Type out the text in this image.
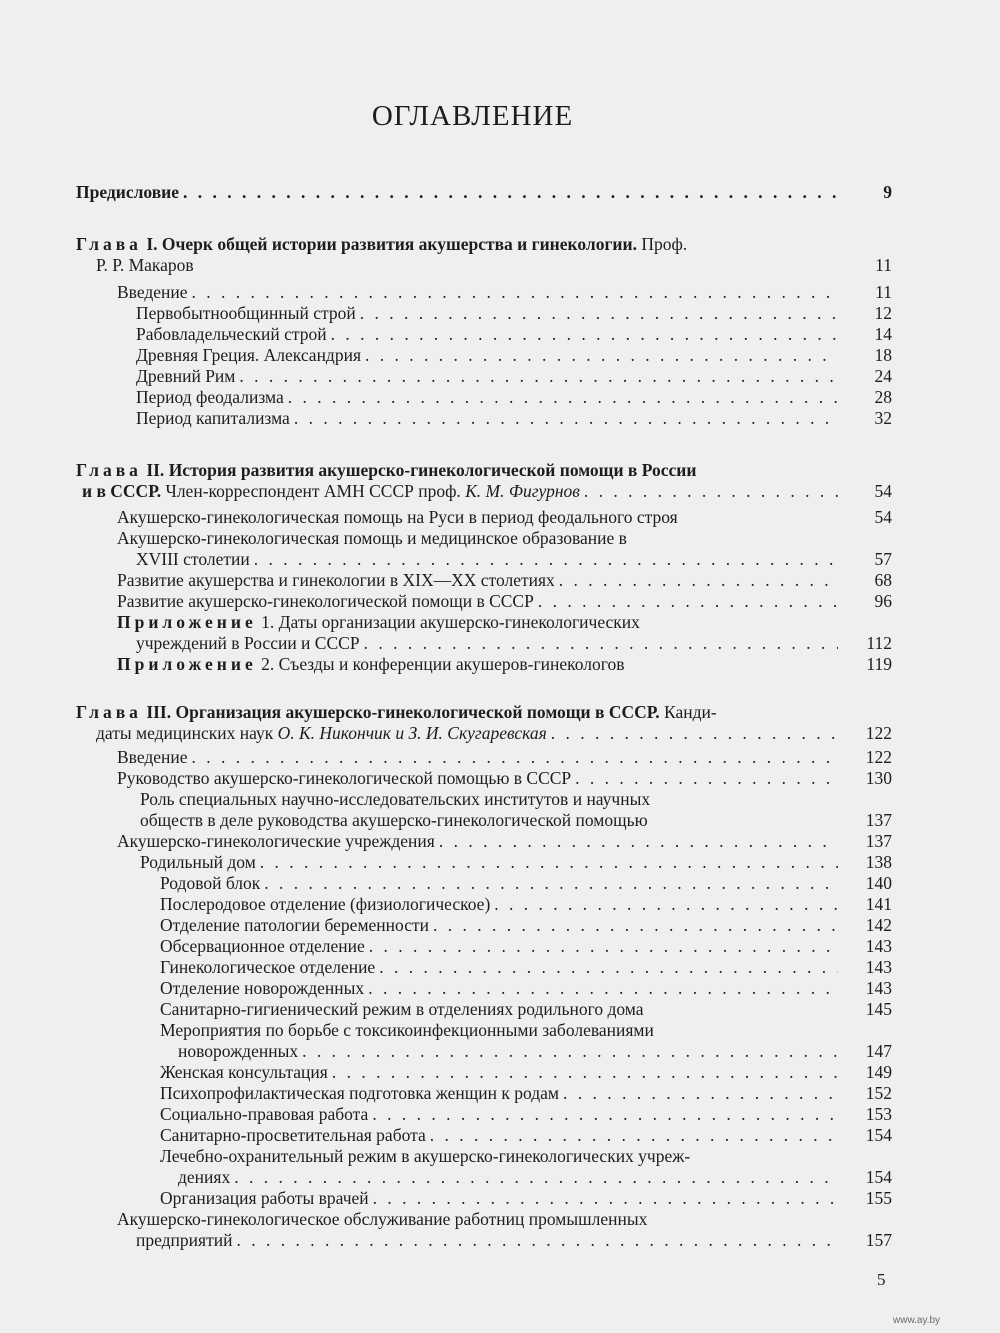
ОГЛАВЛЕНИЕ
Предисловие . . .	9
Глава I. Очерк общей истории развития акушерства и гинекологии. Проф.
Р. Р. Макаров	11
Введение . . .	11
Первобытнообщинный строй . . .	12
Рабовладельческий строй . . .	14
Древняя Греция. Александрия . . .	18
Древний Рим . . .	24
Период феодализма . . .	28
Период капитализма . . .	32
Глава II. История развития акушерско-гинекологической помощи в России
и в СССР. Член-корреспондент АМН СССР проф. К. М. Фигурнов . . .	54
Акушерско-гинекологическая помощь на Руси в период феодального строя	54
Акушерско-гинекологическая помощь и медицинское образование в
XVIII столетии . . .	57
Развитие акушерства и гинекологии в XIX—XX столетиях . . .	68
Развитие акушерско-гинекологической помощи в СССР . . .	96
Приложение 1. Даты организации акушерско-гинекологических
учреждений в России и СССР . . .	112
Приложение 2. Съезды и конференции акушеров-гинекологов	119
Глава III. Организация акушерско-гинекологической помощи в СССР. Канди-
даты медицинских наук О. К. Никончик и З. И. Скугаревская . . .	122
Введение . . .	122
Руководство акушерско-гинекологической помощью в СССР . . .	130
Роль специальных научно-исследовательских институтов и научных
обществ в деле руководства акушерско-гинекологической помощью	137
Акушерско-гинекологические учреждения . . .	137
Родильный дом . . .	138
Родовой блок . . .	140
Послеродовое отделение (физиологическое) . . .	141
Отделение патологии беременности . . .	142
Обсервационное отделение . . .	143
Гинекологическое отделение . . .	143
Отделение новорожденных . . .	143
Санитарно-гигиенический режим в отделениях родильного дома	145
Мероприятия по борьбе с токсикоинфекционными заболеваниями
новорожденных . . .	147
Женская консультация . . .	149
Психопрофилактическая подготовка женщин к родам . . .	152
Социально-правовая работа . . .	153
Санитарно-просветительная работа . . .	154
Лечебно-охранительный режим в акушерско-гинекологических учреж-
дениях . . .	154
Организация работы врачей . . .	155
Акушерско-гинекологическое обслуживание работниц промышленных
предприятий . . .	157
5
www.ay.by
